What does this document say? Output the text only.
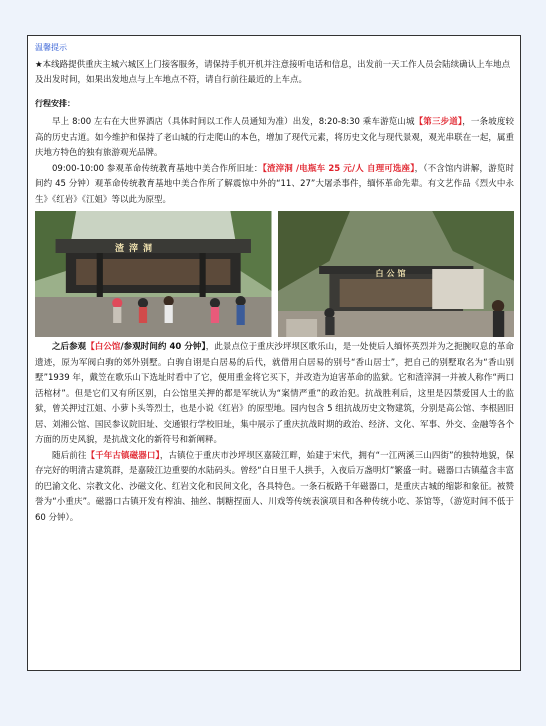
温馨提示

★本线路提供重庆主城六城区上门接客服务，请保持手机开机并注意接听电话和信息，出发前一天工作人员会陆续确认上车地点及出发时间，如果出发地点与上车地点不符，请自行前往最近的上车点。

行程安排：

早上 8:00 左右在大世界酒店（具体时间以工作人员通知为准）出发，8:20-8:30 乘车游览山城【第三步道】，一条坡度较高的历史古道。如今维护和保持了老山城的行走爬山的本色，增加了现代元素，将历史文化与现代景观，观光串联在一起，属重庆地方特色的独有旅游观光品牌。

09:00-10:00 参观革命传统教育基地中美合作所旧址：【渣滓洞 /电瓶车 25 元/人 自理可选座】，（不含馆内讲解，游览时间约 45 分钟）观革命传统教育基地中美合作所了解震惊中外的“11、27”大屠杀事件，缅怀革命先辈。有文艺作品《烈火中永生》《红岩》《江姐》等以此为原型。

渣滓洞
白公馆

之后参观【白公馆/参观时间约 40 分钟】，此景点位于重庆沙坪坝区歌乐山，是一处使后人缅怀英烈并为之扼腕叹息的革命遗迹，原为军阀白驹的郊外别墅。白驹自诩是白居易的后代，就借用白居易的别号“香山居士”，把自己的别墅取名为“香山别墅”1939 年，戴笠在歌乐山下选址时看中了它，便用重金将它买下，并改造为迫害革命的监狱。它和渣滓洞一并被人称作“两口活棺材”。但是它们又有所区别，白公馆里关押的都是军统认为“案情严重”的政治犯。抗战胜利后，这里是囚禁爱国人士的监狱，曾关押过江姐、小萝卜头等烈士，也是小说《红岩》的原型地。园内包含 5 组抗战历史文物建筑，分别是高公馆、李根固旧居、刘湘公馆、国民参议院旧址、交通银行学校旧址，集中展示了重庆抗战时期的政治、经济、文化、军事、外交、金融等各个方面的历史风貌，是抗战文化的新符号和新阐释。

随后前往【千年古镇磁器口】，古镇位于重庆市沙坪坝区嘉陵江畔，始建于宋代，拥有“一江两溪三山四街”的独特地貌，保存完好的明清古建筑群，是嘉陵江边重要的水陆码头。曾经“白日里千人拱手，入夜后万盏明灯”繁盛一时。磁器口古镇蕴含丰富的巴渝文化、宗教文化、沙磁文化、红岩文化和民间文化，各具特色。一条石板路千年磁器口，是重庆古城的缩影和象征。被赞誉为“小重庆”。磁器口古镇开发有榨油、抽丝、制糖捏面人、川戏等传统表演项目和各种传统小吃、茶馆等，（游览时间不低于 60 分钟）。
